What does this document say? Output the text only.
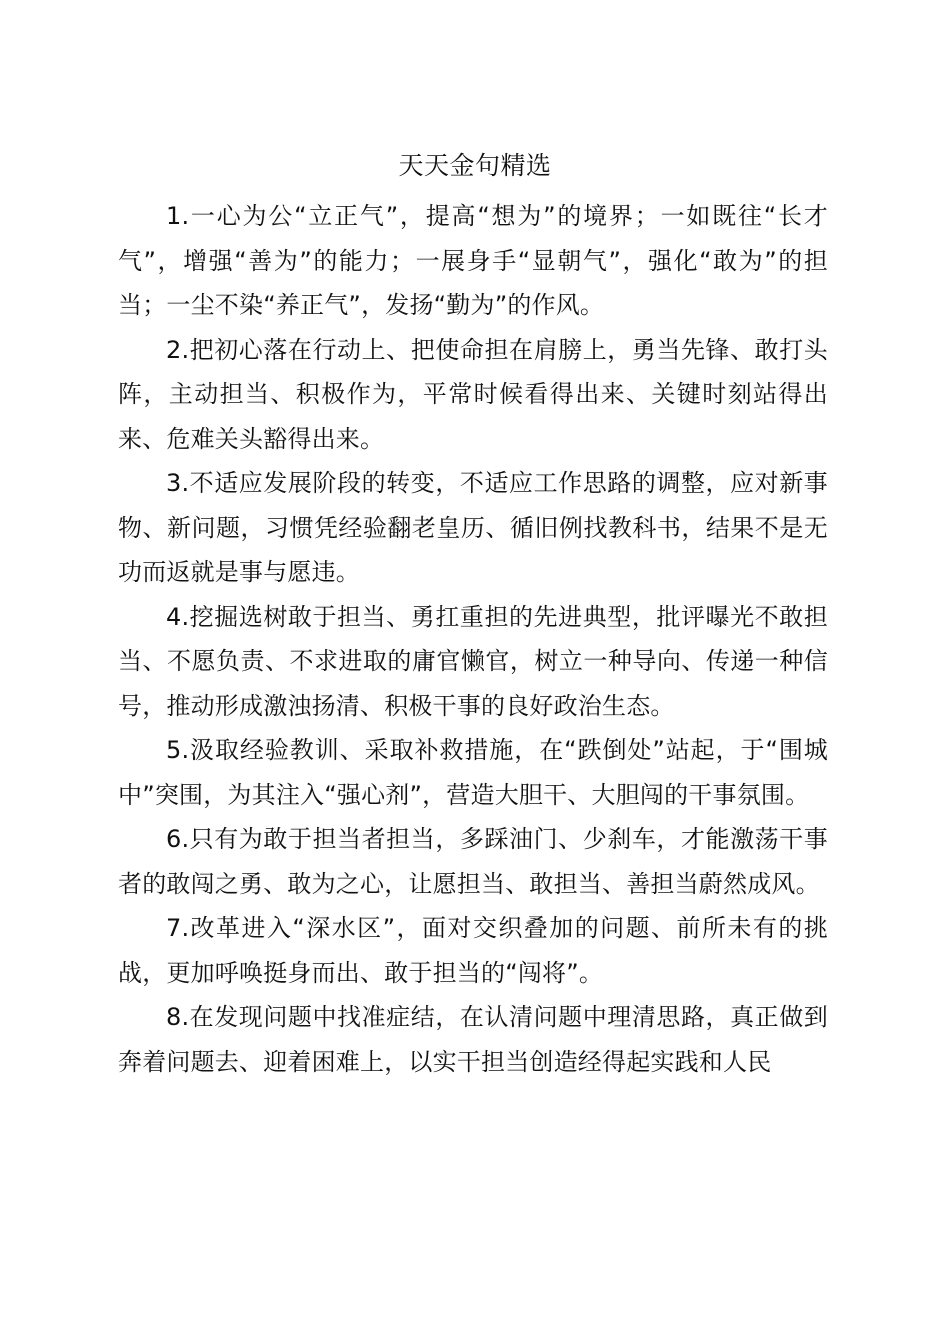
天天金句精选

1.一心为公“立正气”，提高“想为”的境界；一如既往“长才气”，增强“善为”的能力；一展身手“显朝气”，强化“敢为”的担当；一尘不染“养正气”，发扬“勤为”的作风。

2.把初心落在行动上、把使命担在肩膀上，勇当先锋、敢打头阵，主动担当、积极作为，平常时候看得出来、关键时刻站得出来、危难关头豁得出来。

3.不适应发展阶段的转变，不适应工作思路的调整，应对新事物、新问题，习惯凭经验翻老皇历、循旧例找教科书，结果不是无功而返就是事与愿违。

4.挖掘选树敢于担当、勇扛重担的先进典型，批评曝光不敢担当、不愿负责、不求进取的庸官懒官，树立一种导向、传递一种信号，推动形成激浊扬清、积极干事的良好政治生态。

5.汲取经验教训、采取补救措施，在“跌倒处”站起，于“围城中”突围，为其注入“强心剂”，营造大胆干、大胆闯的干事氛围。

6.只有为敢于担当者担当，多踩油门、少刹车，才能激荡干事者的敢闯之勇、敢为之心，让愿担当、敢担当、善担当蔚然成风。

7.改革进入“深水区”，面对交织叠加的问题、前所未有的挑战，更加呼唤挺身而出、敢于担当的“闯将”。

8.在发现问题中找准症结，在认清问题中理清思路，真正做到奔着问题去、迎着困难上，以实干担当创造经得起实践和人民
